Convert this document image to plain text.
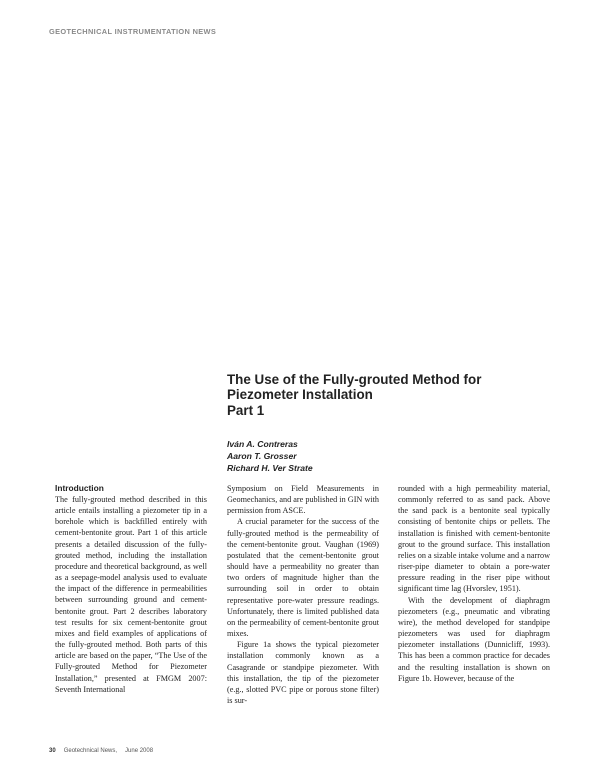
GEOTECHNICAL INSTRUMENTATION NEWS

The Use of the Fully-grouted Method for

Piezometer Installation

Part 1

Iván A. Contreras
Aaron T. Grosser
Richard H. Ver Strate

Introduction

The fully-grouted method described in this article entails installing a piezometer tip in a borehole which is backfilled entirely with cement-bentonite grout. Part 1 of this article presents a detailed discussion of the fully-grouted method, including the installation procedure and theoretical background, as well as a seepage-model analysis used to evaluate the impact of the difference in permeabilities between surrounding ground and cement-bentonite grout. Part 2 describes laboratory test results for six cement-bentonite grout mixes and field examples of applications of the fully-grouted method. Both parts of this article are based on the paper, “The Use of the Fully-grouted Method for Piezometer Installation,” presented at FMGM 2007: Seventh International

Symposium on Field Measurements in Geomechanics, and are published in GIN with permission from ASCE.

A crucial parameter for the success of the fully-grouted method is the permeability of the cement-bentonite grout. Vaughan (1969) postulated that the cement-bentonite grout should have a permeability no greater than two orders of magnitude higher than the surrounding soil in order to obtain representative pore-water pressure readings. Unfortunately, there is limited published data on the permeability of cement-bentonite grout mixes.

Figure 1a shows the typical piezometer installation commonly known as a Casagrande or standpipe piezometer. With this installation, the tip of the piezometer (e.g., slotted PVC pipe or porous stone filter) is sur-

rounded with a high permeability material, commonly referred to as sand pack. Above the sand pack is a bentonite seal typically consisting of bentonite chips or pellets. The installation is finished with cement-bentonite grout to the ground surface. This installation relies on a sizable intake volume and a narrow riser-pipe diameter to obtain a pore-water pressure reading in the riser pipe without significant time lag (Hvorslev, 1951).

With the development of diaphragm piezometers (e.g., pneumatic and vibrating wire), the method developed for standpipe piezometers was used for diaphragm piezometer installations (Dunnicliff, 1993). This has been a common practice for decades and the resulting installation is shown on Figure 1b. However, because of the

30 Geotechnical News, June 2008
